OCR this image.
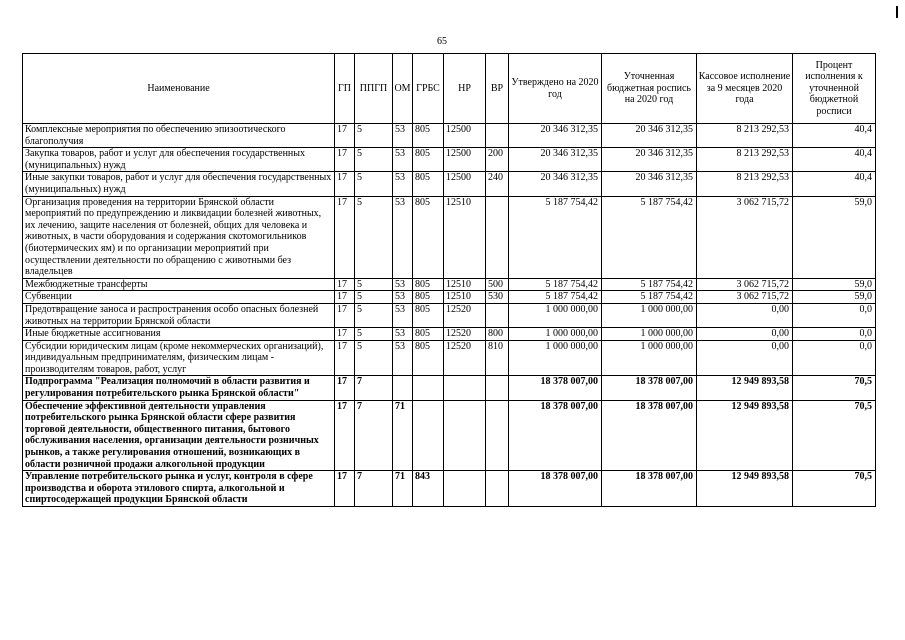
65
Наименование	ГП	ППГП	ОМ	ГРБС	НР	ВР	Утверждено на 2020 год	Уточненная бюджетная роспись на 2020 год	Кассовое исполнение за 9 месяцев 2020 года	Процент исполнения к уточненной бюджетной росписи
Комплексные мероприятия по обеспечению эпизоотического благополучия	17	5	53	805	12500		20 346 312,35	20 346 312,35	8 213 292,53	40,4
Закупка товаров, работ и услуг для обеспечения государственных (муниципальных) нужд	17	5	53	805	12500	200	20 346 312,35	20 346 312,35	8 213 292,53	40,4
Иные закупки товаров, работ и услуг для обеспечения государственных (муниципальных) нужд	17	5	53	805	12500	240	20 346 312,35	20 346 312,35	8 213 292,53	40,4
Организация проведения на территории Брянской области мероприятий по предупреждению и ликвидации болезней животных, их лечению, защите населения от болезней, общих для человека и животных, в части оборудования и содержания скотомогильников (биотермических ям) и по организации мероприятий при осуществлении деятельности по обращению с животными без владельцев	17	5	53	805	12510		5 187 754,42	5 187 754,42	3 062 715,72	59,0
Межбюджетные трансферты	17	5	53	805	12510	500	5 187 754,42	5 187 754,42	3 062 715,72	59,0
Субвенции	17	5	53	805	12510	530	5 187 754,42	5 187 754,42	3 062 715,72	59,0
Предотвращение заноса и распространения особо опасных болезней животных на территории Брянской области	17	5	53	805	12520		1 000 000,00	1 000 000,00	0,00	0,0
Иные бюджетные ассигнования	17	5	53	805	12520	800	1 000 000,00	1 000 000,00	0,00	0,0
Субсидии юридическим лицам (кроме некоммерческих организаций), индивидуальным предпринимателям, физическим лицам - производителям товаров, работ, услуг	17	5	53	805	12520	810	1 000 000,00	1 000 000,00	0,00	0,0
Подпрограмма "Реализация полномочий в области развития и регулирования потребительского рынка Брянской области"	17	7					18 378 007,00	18 378 007,00	12 949 893,58	70,5
Обеспечение эффективной деятельности управления потребительского рынка Брянской области сфере развития торговой деятельности, общественного питания, бытового обслуживания населения, организации деятельности розничных рынков, а также регулирования отношений, возникающих в области розничной продажи алкогольной продукции	17	7	71				18 378 007,00	18 378 007,00	12 949 893,58	70,5
Управление потребительского рынка и услуг, контроля в сфере производства и оборота этилового спирта, алкогольной и спиртосодержащей продукции Брянской области	17	7	71	843			18 378 007,00	18 378 007,00	12 949 893,58	70,5
